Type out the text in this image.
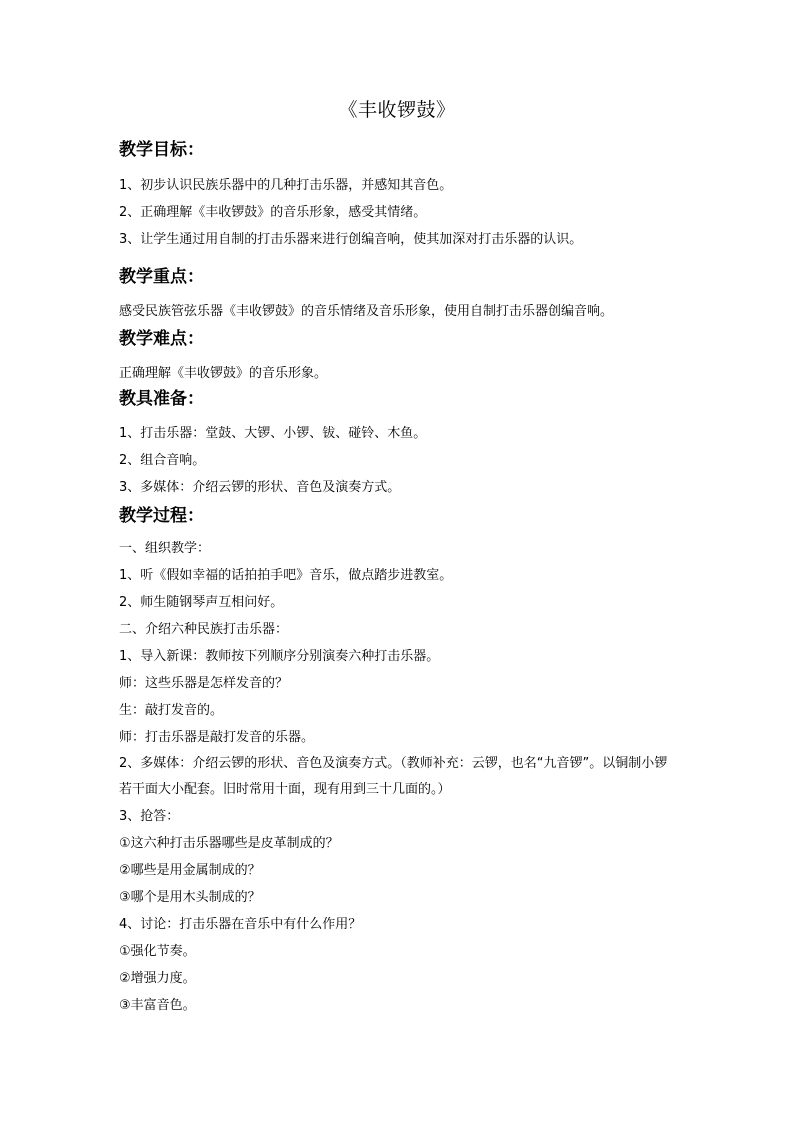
《丰收锣鼓》
教学目标：
1、初步认识民族乐器中的几种打击乐器，并感知其音色。
2、正确理解《丰收锣鼓》的音乐形象，感受其情绪。
3、让学生通过用自制的打击乐器来进行创编音响，使其加深对打击乐器的认识。
教学重点：
感受民族管弦乐器《丰收锣鼓》的音乐情绪及音乐形象，使用自制打击乐器创编音响。
教学难点：
正确理解《丰收锣鼓》的音乐形象。
教具准备：
1、打击乐器：堂鼓、大锣、小锣、钹、碰铃、木鱼。
2、组合音响。
3、多媒体：介绍云锣的形状、音色及演奏方式。
教学过程：
一、组织教学：
1、听《假如幸福的话拍拍手吧》音乐，做点踏步进教室。
2、师生随钢琴声互相问好。
二、介绍六种民族打击乐器：
1、导入新课：教师按下列顺序分别演奏六种打击乐器。
师：这些乐器是怎样发音的？
生：敲打发音的。
师：打击乐器是敲打发音的乐器。
2、多媒体：介绍云锣的形状、音色及演奏方式。（教师补充：云锣，也名“九音锣”。以铜制小锣若干面大小配套。旧时常用十面，现有用到三十几面的。）
3、抢答：
①这六种打击乐器哪些是皮革制成的？
②哪些是用金属制成的？
③哪个是用木头制成的？
4、讨论：打击乐器在音乐中有什么作用？
①强化节奏。
②增强力度。
③丰富音色。
